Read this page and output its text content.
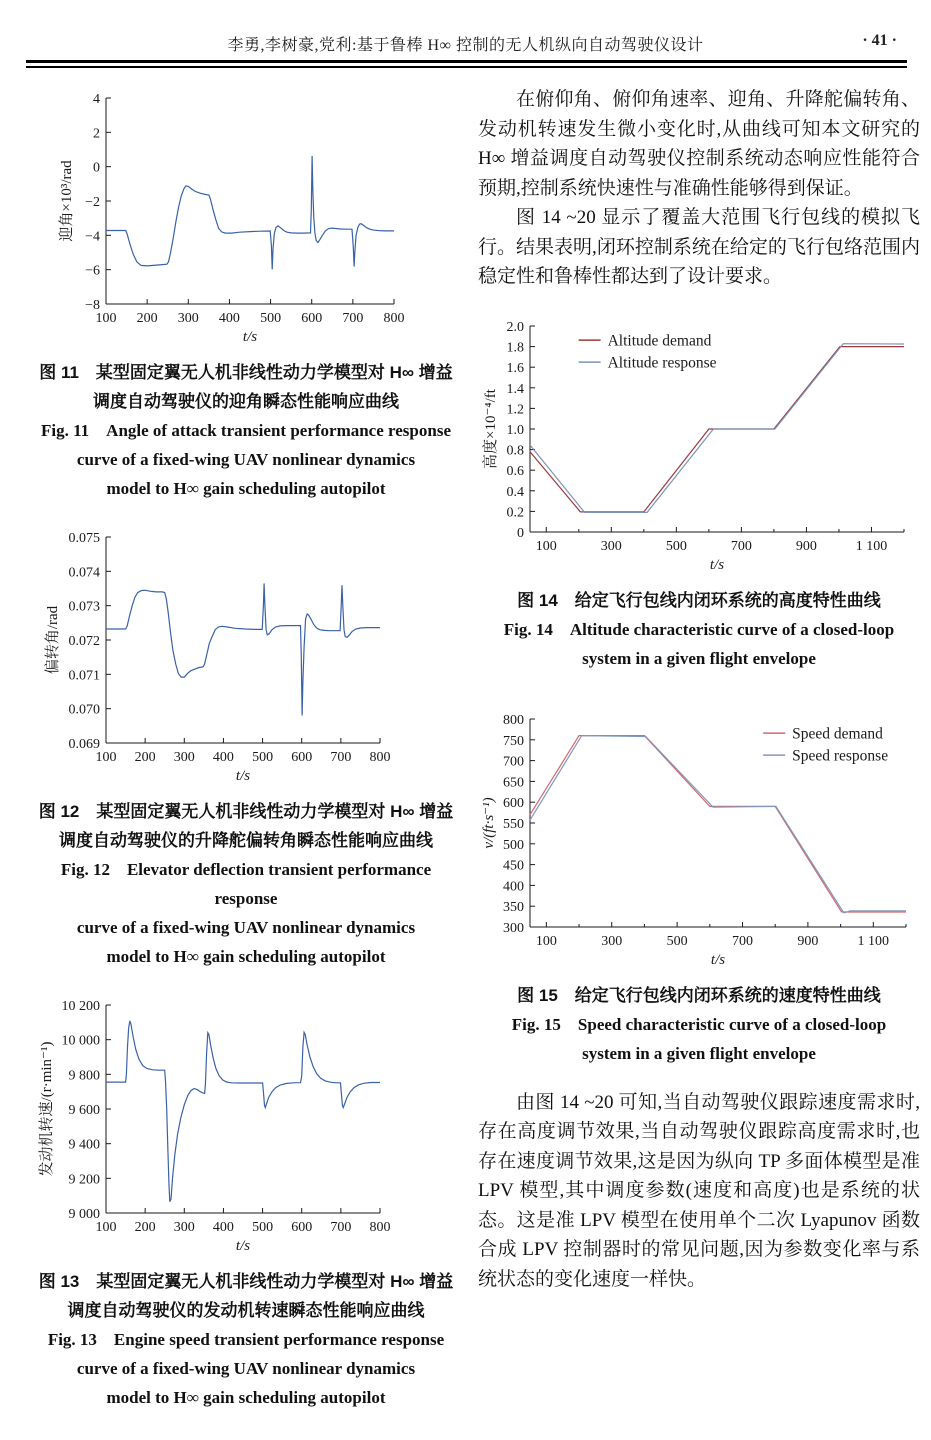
李勇,李树豪,党利:基于鲁棒 H∞ 控制的无人机纵向自动驾驶仪设计	· 41 ·
100 200 300 400 500 600 700 800
4
2
0
−2
−4
−6
−8
t/s
迎角×10³/rad
图 11　某型固定翼无人机非线性动力学模型对 H∞ 增益
调度自动驾驶仪的迎角瞬态性能响应曲线
Fig. 11　Angle of attack transient performance response
curve of a fixed-wing UAV nonlinear dynamics
model to H∞ gain scheduling autopilot
100 200 300 400 500 600 700 800
0.075
0.074
0.073
0.072
0.071
0.070
0.069
t/s
偏转角/rad
图 12　某型固定翼无人机非线性动力学模型对 H∞ 增益
调度自动驾驶仪的升降舵偏转角瞬态性能响应曲线
Fig. 12　Elevator deflection transient performance response
curve of a fixed-wing UAV nonlinear dynamics
model to H∞ gain scheduling autopilot
100 200 300 400 500 600 700 800
10 200
10 000
9 800
9 600
9 400
9 200
9 000
t/s
发动机转速/(r·min⁻¹)
图 13　某型固定翼无人机非线性动力学模型对 H∞ 增益
调度自动驾驶仪的发动机转速瞬态性能响应曲线
Fig. 13　Engine speed transient performance response
curve of a fixed-wing UAV nonlinear dynamics
model to H∞ gain scheduling autopilot

在俯仰角、俯仰角速率、迎角、升降舵偏转角、发动机转速发生微小变化时,从曲线可知本文研究的 H∞ 增益调度自动驾驶仪控制系统动态响应性能符合预期,控制系统快速性与准确性能够得到保证。

图 14 ~20 显示了覆盖大范围飞行包线的模拟飞行。结果表明,闭环控制系统在给定的飞行包络范围内稳定性和鲁棒性都达到了设计要求。

100	300	500	700	900	1 100
0
0.2
0.4
0.6
0.8
1.0
1.2
1.4
1.6
1.8
2.0
t/s
高度×10⁻⁴/ft
Altitude demand
Altitude response
图 14　给定飞行包线内闭环系统的高度特性曲线
Fig. 14　Altitude characteristic curve of a closed-loop
system in a given flight envelope
100	300	500	700	900	1 100
300
350
400
450
500
550
600
650
700
750
800
t/s
v/(ft·s⁻¹)
Speed demand
Speed response
图 15　给定飞行包线内闭环系统的速度特性曲线
Fig. 15　Speed characteristic curve of a closed-loop
system in a given flight envelope

由图 14 ~20 可知,当自动驾驶仪跟踪速度需求时,存在高度调节效果,当自动驾驶仪跟踪高度需求时,也存在速度调节效果,这是因为纵向 TP 多面体模型是准 LPV 模型,其中调度参数(速度和高度)也是系统的状态。这是准 LPV 模型在使用单个二次 Lyapunov 函数合成 LPV 控制器时的常见问题,因为参数变化率与系统状态的变化速度一样快。
